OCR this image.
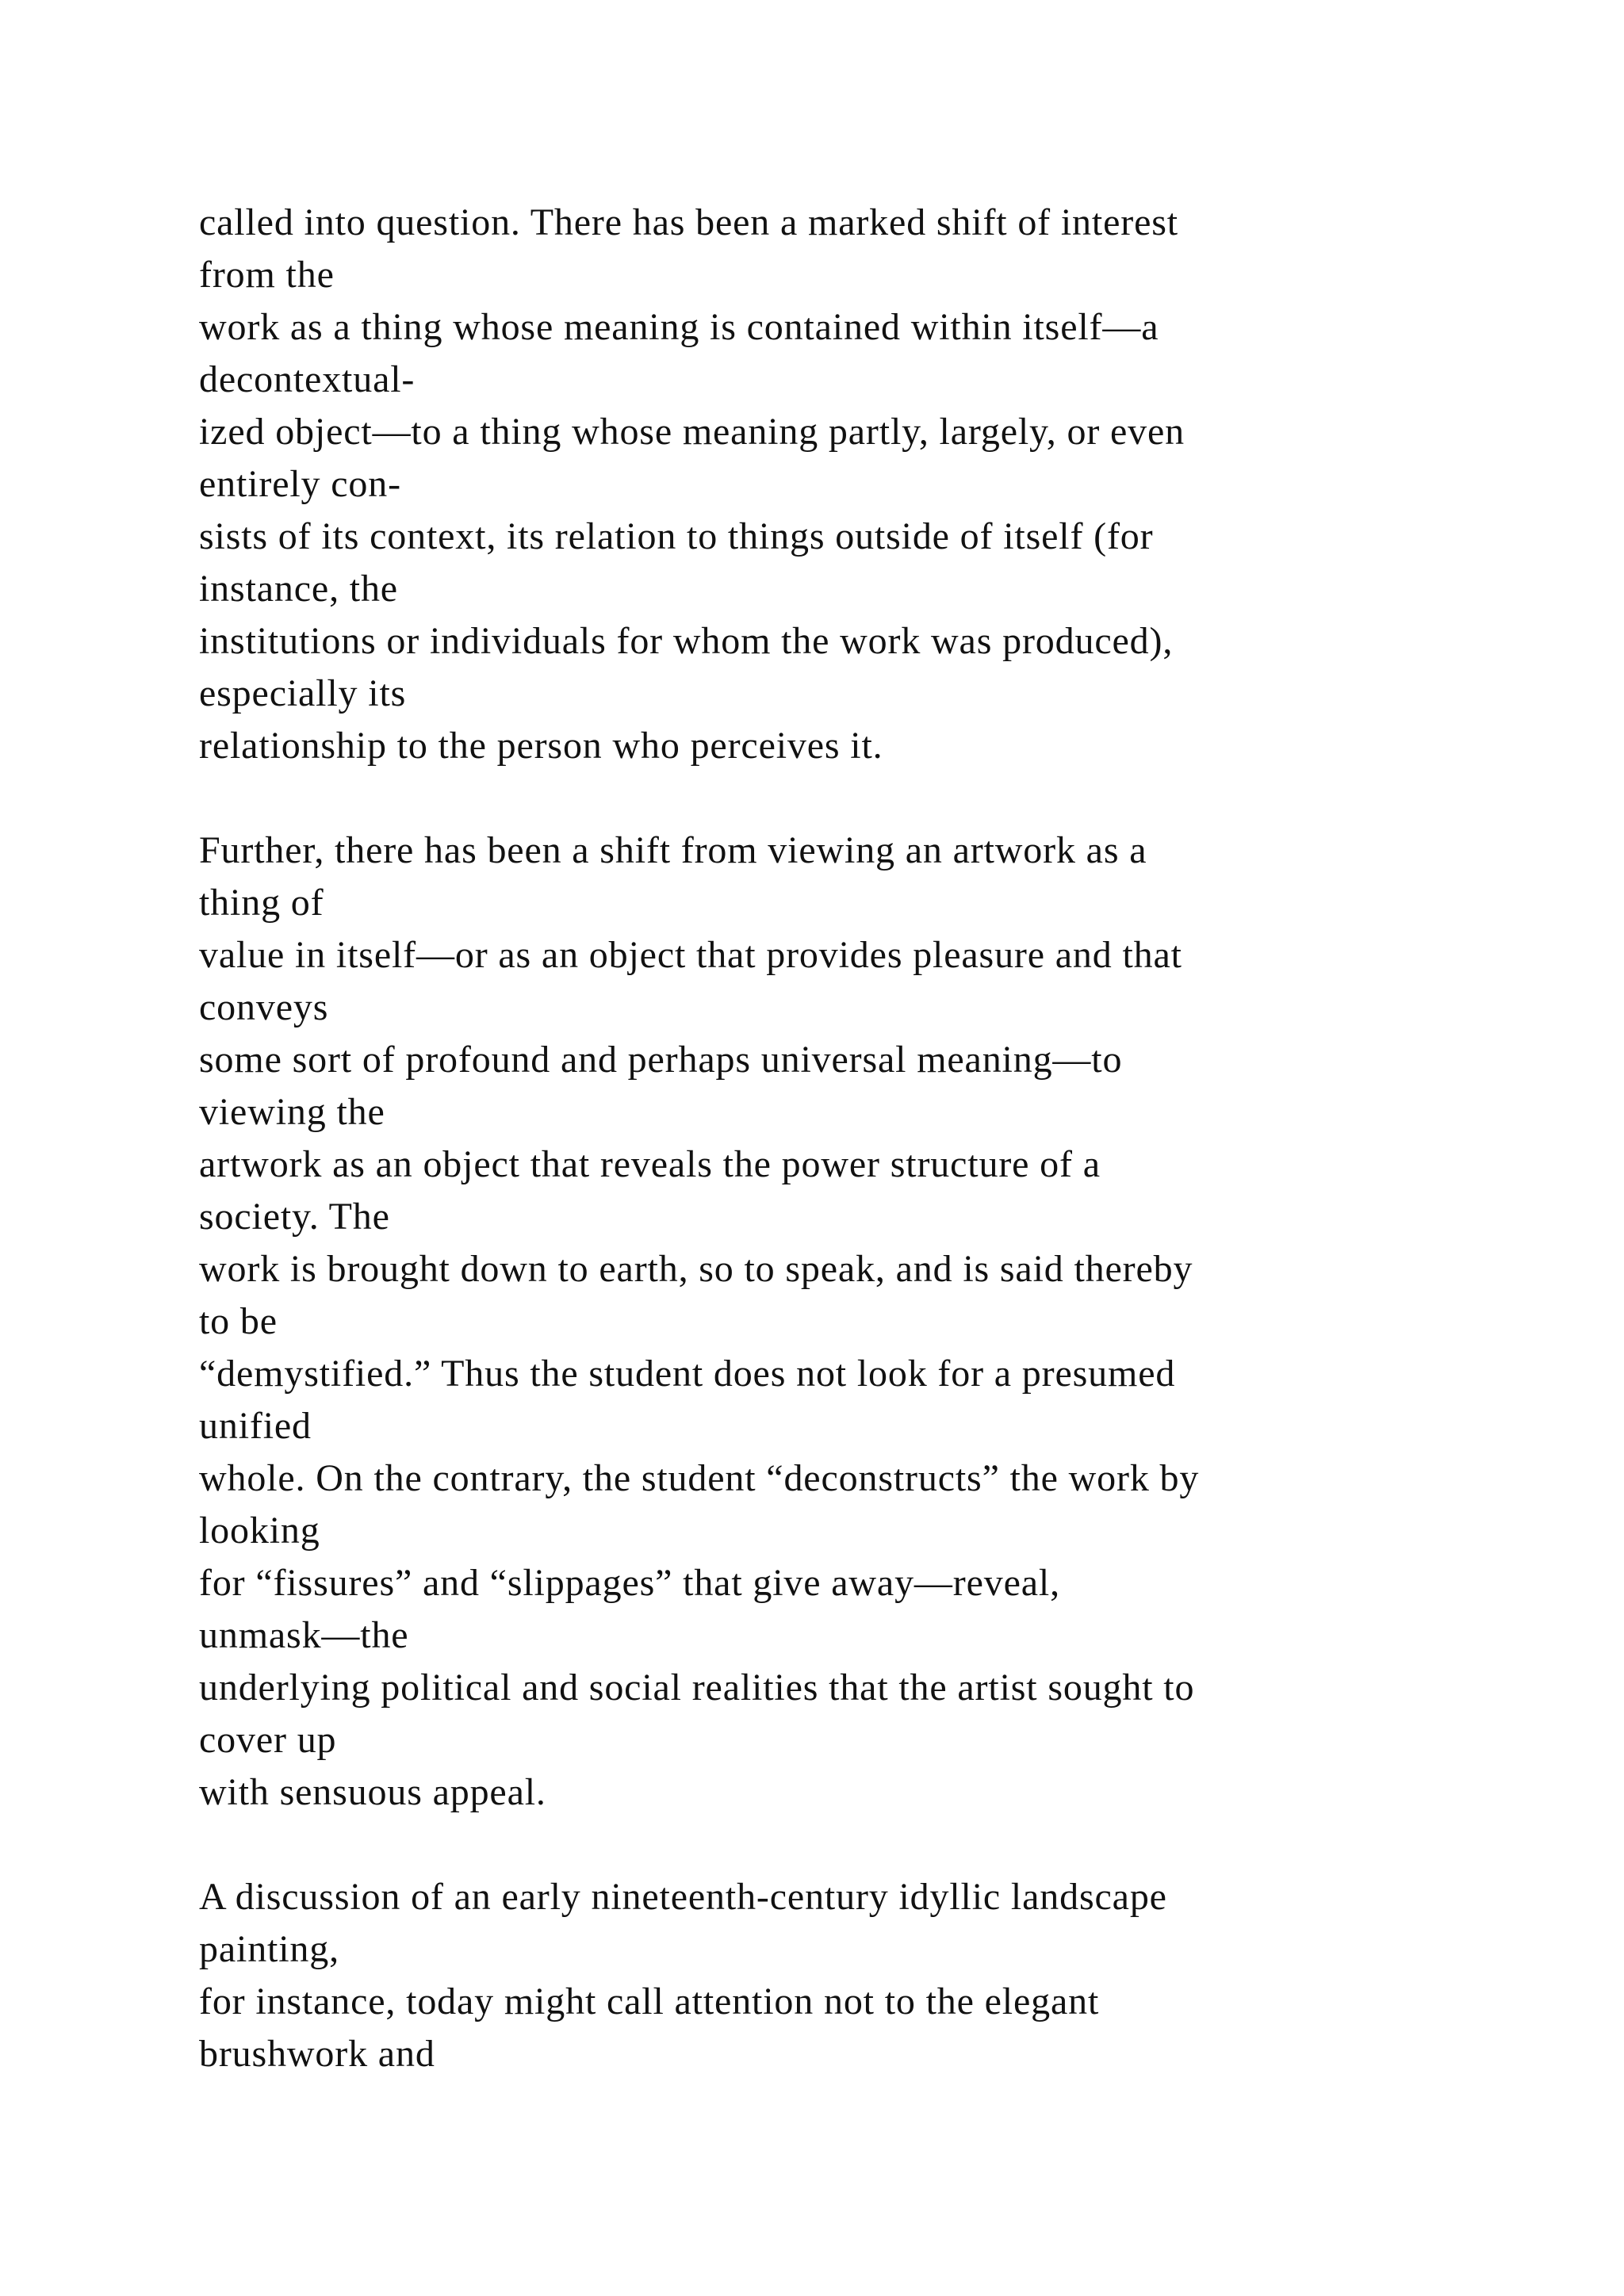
called into question. There has been a marked shift of interest
from the
work as a thing whose meaning is contained within itself—a
decontextual-
ized object—to a thing whose meaning partly, largely, or even
entirely con-
sists of its context, its relation to things outside of itself (for
instance, the
institutions or individuals for whom the work was produced),
especially its
relationship to the person who perceives it.
Further, there has been a shift from viewing an artwork as a
thing of
value in itself—or as an object that provides pleasure and that
conveys
some sort of profound and perhaps universal meaning—to
viewing the
artwork as an object that reveals the power structure of a
society. The
work is brought down to earth, so to speak, and is said thereby
to be
“demystified.” Thus the student does not look for a presumed
unified
whole. On the contrary, the student “deconstructs” the work by
looking
for “fissures” and “slippages” that give away—reveal,
unmask—the
underlying political and social realities that the artist sought to
cover up
with sensuous appeal.
A discussion of an early nineteenth-century idyllic landscape
painting,
for instance, today might call attention not to the elegant
brushwork and
